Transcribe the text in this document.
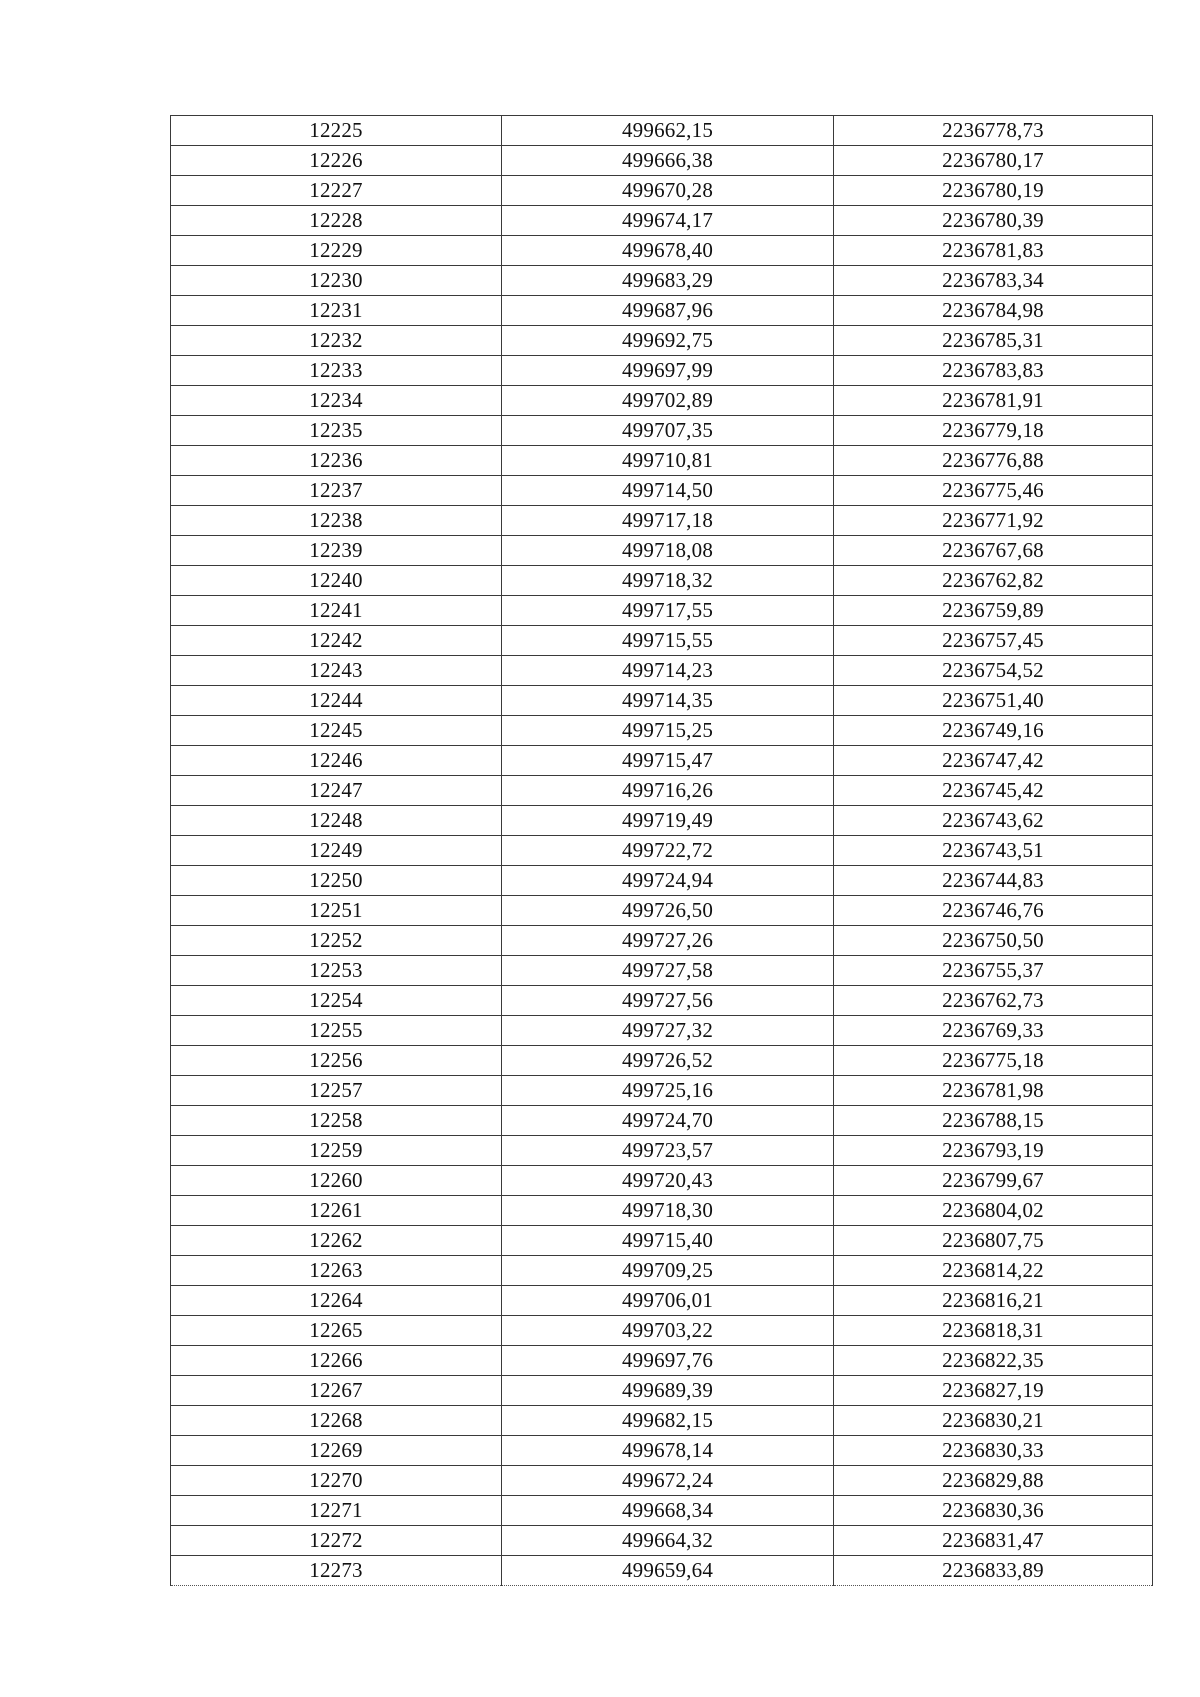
12225	499662,15	2236778,73
12226	499666,38	2236780,17
12227	499670,28	2236780,19
12228	499674,17	2236780,39
12229	499678,40	2236781,83
12230	499683,29	2236783,34
12231	499687,96	2236784,98
12232	499692,75	2236785,31
12233	499697,99	2236783,83
12234	499702,89	2236781,91
12235	499707,35	2236779,18
12236	499710,81	2236776,88
12237	499714,50	2236775,46
12238	499717,18	2236771,92
12239	499718,08	2236767,68
12240	499718,32	2236762,82
12241	499717,55	2236759,89
12242	499715,55	2236757,45
12243	499714,23	2236754,52
12244	499714,35	2236751,40
12245	499715,25	2236749,16
12246	499715,47	2236747,42
12247	499716,26	2236745,42
12248	499719,49	2236743,62
12249	499722,72	2236743,51
12250	499724,94	2236744,83
12251	499726,50	2236746,76
12252	499727,26	2236750,50
12253	499727,58	2236755,37
12254	499727,56	2236762,73
12255	499727,32	2236769,33
12256	499726,52	2236775,18
12257	499725,16	2236781,98
12258	499724,70	2236788,15
12259	499723,57	2236793,19
12260	499720,43	2236799,67
12261	499718,30	2236804,02
12262	499715,40	2236807,75
12263	499709,25	2236814,22
12264	499706,01	2236816,21
12265	499703,22	2236818,31
12266	499697,76	2236822,35
12267	499689,39	2236827,19
12268	499682,15	2236830,21
12269	499678,14	2236830,33
12270	499672,24	2236829,88
12271	499668,34	2236830,36
12272	499664,32	2236831,47
12273	499659,64	2236833,89
